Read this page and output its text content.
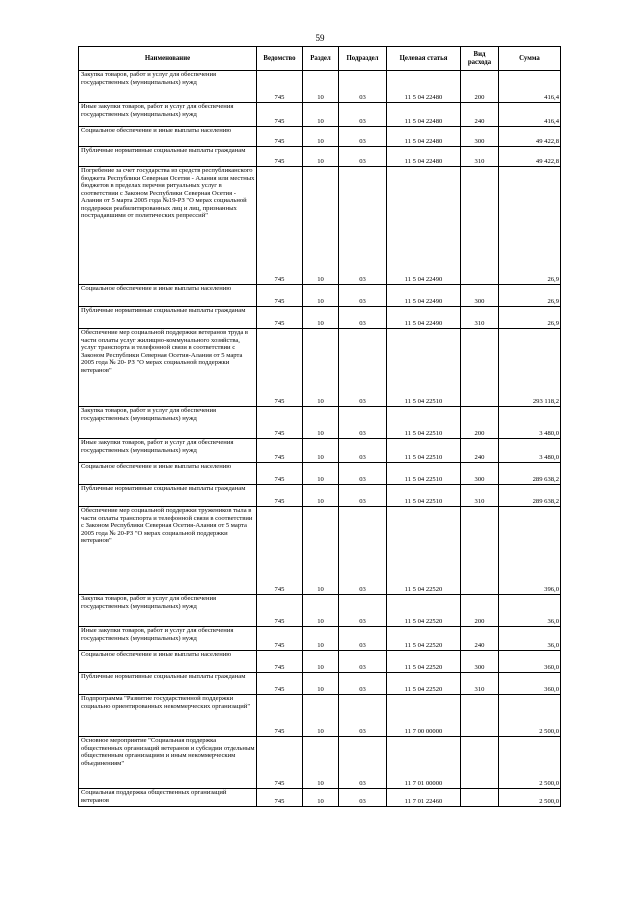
59
Наименование	Ведомство	Раздел	Подраздел	Целевая статья	Вид расхода	Сумма
Закупка товаров, работ и услуг для обеспечения государственных (муниципальных) нужд	745	10	03	11 5 04 22480	200	416,4
Иные закупки товаров, работ и услуг для обеспечения государственных (муниципальных) нужд	745	10	03	11 5 04 22480	240	416,4
Социальное обеспечение и иные выплаты населению	745	10	03	11 5 04 22480	300	49 422,8
Публичные нормативные социальные выплаты гражданам	745	10	03	11 5 04 22480	310	49 422,8
Погребение за счет государства из средств республиканского бюджета Республики Северная Осетия - Алания или местных бюджетов в пределах перечня ритуальных услуг в соответствии с Законом Республики Северная Осетия - Алания от 5 марта 2005 года №19-РЗ "О мерах социальной поддержки реабилитированных лиц и лиц, признанных пострадавшими от политических репрессий"	745	10	03	11 5 04 22490		26,9
Социальное обеспечение и иные выплаты населению	745	10	03	11 5 04 22490	300	26,9
Публичные нормативные социальные выплаты гражданам	745	10	03	11 5 04 22490	310	26,9
Обеспечение мер социальной поддержки ветеранов труда в части оплаты услуг жилищно-коммунального хозяйства, услуг транспорта и телефонной связи в соответствии с Законом Республики Северная Осетия-Алания от 5 марта 2005 года № 20- РЗ "О мерах социальной поддержки ветеранов"	745	10	03	11 5 04 22510		293 118,2
Закупка товаров, работ и услуг для обеспечения государственных (муниципальных) нужд	745	10	03	11 5 04 22510	200	3 480,0
Иные закупки товаров, работ и услуг для обеспечения государственных (муниципальных) нужд	745	10	03	11 5 04 22510	240	3 480,0
Социальное обеспечение и иные выплаты населению	745	10	03	11 5 04 22510	300	289 638,2
Публичные нормативные социальные выплаты гражданам	745	10	03	11 5 04 22510	310	289 638,2
Обеспечение мер социальной поддержки тружеников тыла в части оплаты транспорта и телефонной связи в соответствии с Законом Республики Северная Осетия-Алания от 5 марта 2005 года № 20-РЗ "О мерах социальной поддержки ветеранов"	745	10	03	11 5 04 22520		396,0
Закупка товаров, работ и услуг для обеспечения государственных (муниципальных) нужд	745	10	03	11 5 04 22520	200	36,0
Иные закупки товаров, работ и услуг для обеспечения государственных (муниципальных) нужд	745	10	03	11 5 04 22520	240	36,0
Социальное обеспечение и иные выплаты населению	745	10	03	11 5 04 22520	300	360,0
Публичные нормативные социальные выплаты гражданам	745	10	03	11 5 04 22520	310	360,0
Подпрограмма "Развитие государственной поддержки социально ориентированных некоммерческих организаций"	745	10	03	11 7 00 00000		2 500,0
Основное мероприятие "Социальная поддержка общественных организаций ветеранов и субсидии отдельным общественным организациям и иным некоммерческим объединениям"	745	10	03	11 7 01 00000		2 500,0
Социальная поддержка общественных организаций ветеранов	745	10	03	11 7 01 22460		2 500,0
